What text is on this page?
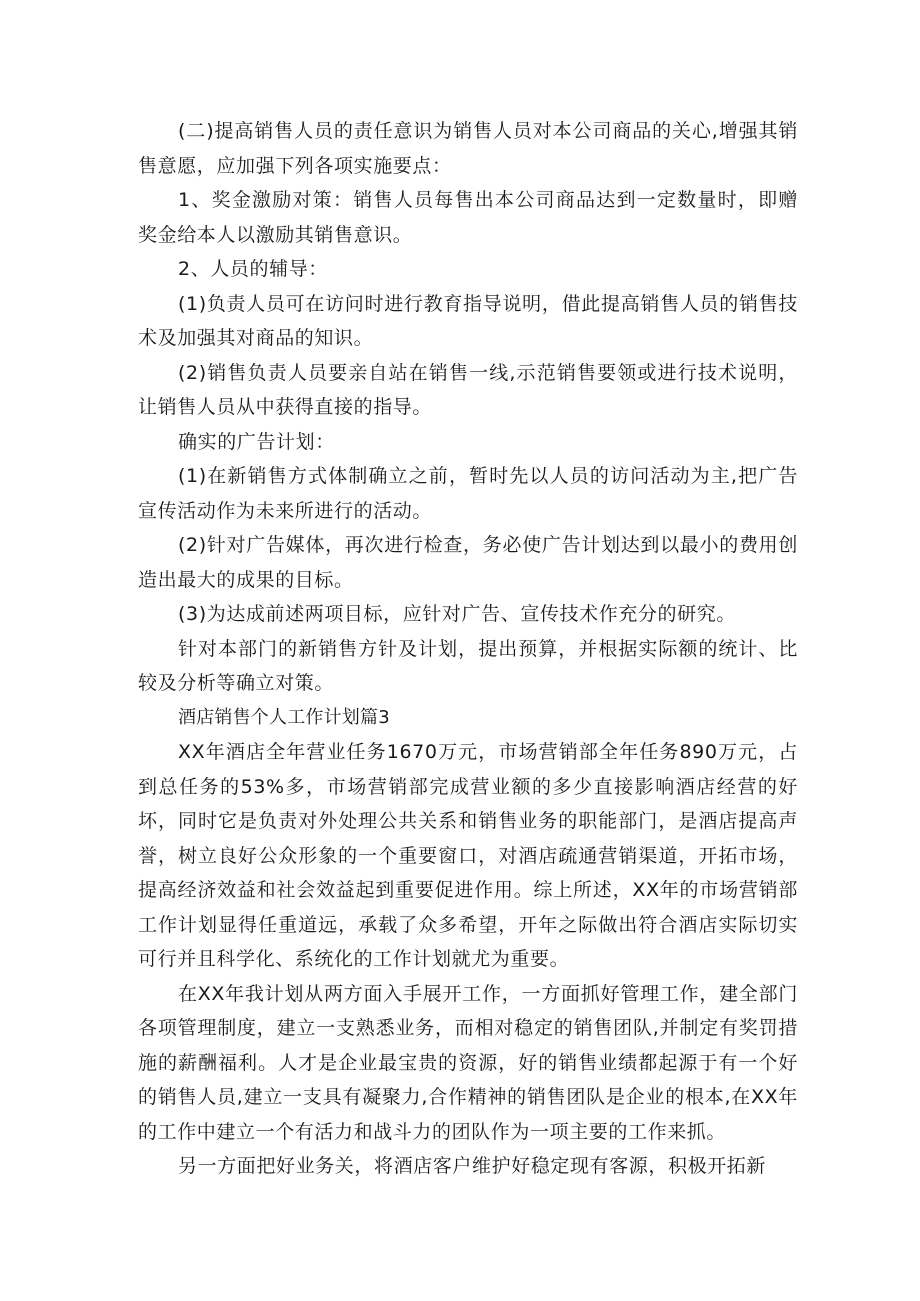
(二)提高销售人员的责任意识为销售人员对本公司商品的关心,增强其销售意愿，应加强下列各项实施要点：

1、奖金激励对策：销售人员每售出本公司商品达到一定数量时，即赠奖金给本人以激励其销售意识。

2、人员的辅导：

(1)负责人员可在访问时进行教育指导说明，借此提高销售人员的销售技术及加强其对商品的知识。

(2)销售负责人员要亲自站在销售一线,示范销售要领或进行技术说明，让销售人员从中获得直接的指导。

确实的广告计划：

(1)在新销售方式体制确立之前，暂时先以人员的访问活动为主,把广告宣传活动作为未来所进行的活动。

(2)针对广告媒体，再次进行检查，务必使广告计划达到以最小的费用创造出最大的成果的目标。

(3)为达成前述两项目标，应针对广告、宣传技术作充分的研究。

针对本部门的新销售方针及计划，提出预算，并根据实际额的统计、比较及分析等确立对策。

酒店销售个人工作计划篇3

XX年酒店全年营业任务1670万元，市场营销部全年任务890万元，占到总任务的53%多，市场营销部完成营业额的多少直接影响酒店经营的好坏，同时它是负责对外处理公共关系和销售业务的职能部门，是酒店提高声誉，树立良好公众形象的一个重要窗口，对酒店疏通营销渠道，开拓市场，提高经济效益和社会效益起到重要促进作用。综上所述，XX年的市场营销部工作计划显得任重道远，承载了众多希望，开年之际做出符合酒店实际切实可行并且科学化、系统化的工作计划就尤为重要。

在XX年我计划从两方面入手展开工作，一方面抓好管理工作，建全部门各项管理制度，建立一支熟悉业务，而相对稳定的销售团队,并制定有奖罚措施的薪酬福利。人才是企业最宝贵的资源，好的销售业绩都起源于有一个好的销售人员,建立一支具有凝聚力,合作精神的销售团队是企业的根本,在XX年的工作中建立一个有活力和战斗力的团队作为一项主要的工作来抓。

另一方面把好业务关，将酒店客户维护好稳定现有客源，积极开拓新
